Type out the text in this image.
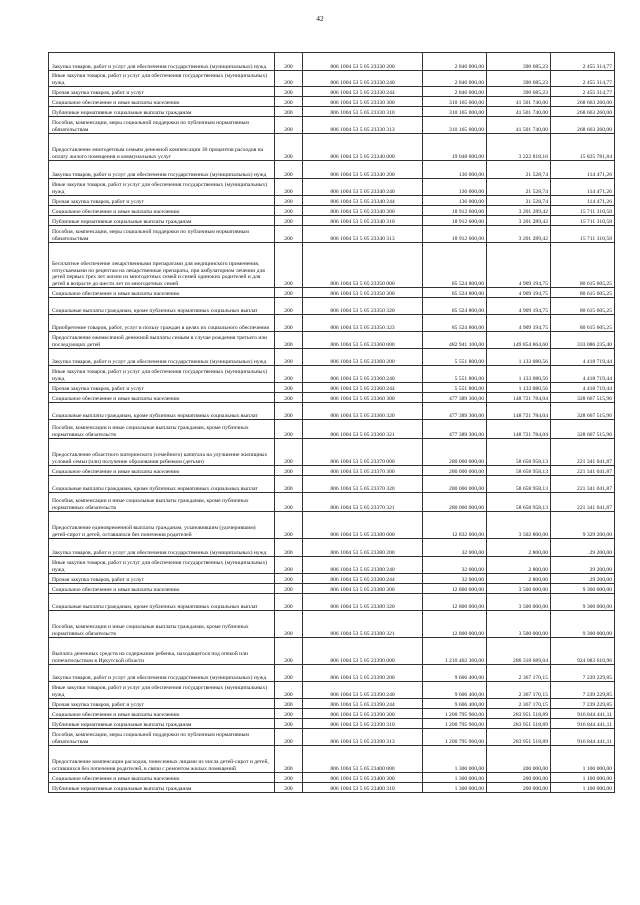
42
Закупка товаров, работ и услуг для обеспечения государственных (муниципальных) нужд	200	806 1004 53 5 05 23330 200	2 846 000,00	390 685,23	2 455 314,77
Иные закупки товаров, работ и услуг для обеспечения государственных (муниципальных) нужд	200	806 1004 53 5 05 23330 240	2 846 000,00	390 685,23	2 455 314,77
Прочая закупка товаров, работ и услуг	200	806 1004 53 5 05 23330 244	2 846 000,00	390 685,23	2 455 314,77
Социальное обеспечение и иные выплаты населению	200	806 1004 53 5 05 23330 300	310 165 000,00	41 501 740,00	268 663 260,00
Публичные нормативные социальные выплаты гражданам	200	806 1004 53 5 05 23330 310	310 165 000,00	41 501 740,00	268 663 260,00
Пособия, компенсации, меры социальной поддержки по публичным нормативным обязательствам	200	806 1004 53 5 05 23330 313	310 165 000,00	41 501 740,00	268 663 260,00
Предоставление многодетным семьям денежной компенсации 30 процентов расходов на оплату жилого помещения и коммунальных услуг	200	806 1004 53 5 05 23340 000	19 048 600,00	3 222 818,16	15 825 781,84
Закупка товаров, работ и услуг для обеспечения государственных (муниципальных) нужд	200	806 1004 53 5 05 23340 200	136 000,00	21 528,74	114 471,26
Иные закупки товаров, работ и услуг для обеспечения государственных (муниципальных) нужд	200	806 1004 53 5 05 23340 240	136 000,00	21 528,74	114 471,26
Прочая закупка товаров, работ и услуг	200	806 1004 53 5 05 23340 244	136 000,00	21 528,74	114 471,26
Социальное обеспечение и иные выплаты населению	200	806 1004 53 5 05 23340 300	18 912 600,00	3 201 289,42	15 711 310,58
Публичные нормативные социальные выплаты гражданам	200	806 1004 53 5 05 23340 310	18 912 600,00	3 201 289,42	15 711 310,58
Пособия, компенсации, меры социальной поддержки по публичным нормативным обязательствам	200	806 1004 53 5 05 23340 313	18 912 600,00	3 201 289,42	15 711 310,58
Бесплатное обеспечение лекарственными препаратами для медицинского применения, отпускаемыми по рецептам на лекарственные препараты, при амбулаторном лечении для детей первых трех лет жизни из многодетных семей и семей одиноких родителей и для детей в возрасте до шести лет из многодетных семей	200	806 1004 53 5 05 23350 000	85 524 800,00	4 909 194,75	80 615 605,25
Социальное обеспечение и иные выплаты населению	200	806 1004 53 5 05 23350 300	85 524 800,00	4 909 194,75	80 615 605,25
Социальные выплаты гражданам, кроме публичных нормативных социальных выплат	200	806 1004 53 5 05 23350 320	85 524 800,00	4 909 194,75	80 615 605,25
Приобретение товаров, работ, услуг в пользу граждан в целях их социального обеспечения	200	806 1004 53 5 05 23350 323	85 524 800,00	4 909 194,75	80 615 605,25
Предоставление ежемесячной денежной выплаты семьям в случае рождения третьего или последующих детей	200	806 1004 53 5 05 23360 000	482 941 100,00	149 854 864,60	333 086 235,40
Закупка товаров, работ и услуг для обеспечения государственных (муниципальных) нужд	200	806 1004 53 5 05 23360 200	5 551 800,00	1 133 080,56	4 418 719,44
Иные закупки товаров, работ и услуг для обеспечения государственных (муниципальных) нужд	200	806 1004 53 5 05 23360 240	5 551 800,00	1 133 080,56	4 418 719,44
Прочая закупка товаров, работ и услуг	200	806 1004 53 5 05 23360 244	5 551 800,00	1 133 080,56	4 418 719,44
Социальное обеспечение и иные выплаты населению	200	806 1004 53 5 05 23360 300	477 389 300,00	148 721 784,04	328 667 515,96
Социальные выплаты гражданам, кроме публичных нормативных социальных выплат	200	806 1004 53 5 05 23360 320	477 389 300,00	148 721 784,04	328 667 515,96
Пособия, компенсации и иные социальные выплаты гражданам, кроме публичных нормативных обязательств	200	806 1004 53 5 05 23360 321	477 389 300,00	148 721 784,04	328 667 515,96
Предоставление областного материнского (семейного) капитала на улучшение жилищных условий семьи (или) получение образования ребенком (детьми)	200	806 1004 53 5 05 23370 000	280 000 000,00	58 658 958,13	221 341 041,87
Социальное обеспечение и иные выплаты населению	200	806 1004 53 5 05 23370 300	280 000 000,00	58 658 958,13	221 341 041,87
Социальные выплаты гражданам, кроме публичных нормативных социальных выплат	200	806 1004 53 5 05 23370 320	280 000 000,00	58 658 958,13	221 341 041,87
Пособия, компенсации и иные социальные выплаты гражданам, кроме публичных нормативных обязательств	200	806 1004 53 5 05 23370 321	280 000 000,00	58 658 958,13	221 341 041,87
Предоставление единовременной выплаты гражданам, усыновившим (удочерившим) детей-сирот и детей, оставшихся без попечения родителей	200	806 1004 53 5 05 23380 000	12 832 000,00	3 502 800,00	9 329 200,00
Закупка товаров, работ и услуг для обеспечения государственных (муниципальных) нужд	200	806 1004 53 5 05 23380 200	32 000,00	2 800,00	29 200,00
Иные закупки товаров, работ и услуг для обеспечения государственных (муниципальных) нужд	200	806 1004 53 5 05 23380 240	32 000,00	2 800,00	29 200,00
Прочая закупка товаров, работ и услуг	200	806 1004 53 5 05 23380 244	32 000,00	2 800,00	29 200,00
Социальное обеспечение и иные выплаты населению	200	806 1004 53 5 05 23380 300	12 800 000,00	3 500 000,00	9 300 000,00
Социальные выплаты гражданам, кроме публичных нормативных социальных выплат	200	806 1004 53 5 05 23380 320	12 800 000,00	3 500 000,00	9 300 000,00
Пособия, компенсации и иные социальные выплаты гражданам, кроме публичных нормативных обязательств	200	806 1004 53 5 05 23380 321	12 800 000,00	3 500 000,00	9 300 000,00
Выплата денежных средств на содержание ребенка, находящегося под опекой или попечительством в Иркутской области	200	806 1004 53 5 05 23390 000	1 210 402 360,00	286 318 689,04	924 083 610,96
Закупка товаров, работ и услуг для обеспечения государственных (муниципальных) нужд	200	806 1004 53 5 05 23390 200	9 606 400,00	2 367 170,15	7 239 229,85
Иные закупки товаров, работ и услуг для обеспечения государственных (муниципальных) нужд	200	806 1004 53 5 05 23390 240	9 606 400,00	2 367 170,15	7 239 229,85
Прочая закупка товаров, работ и услуг	200	806 1004 53 5 05 23390 244	9 606 400,00	2 367 170,15	7 239 229,85
Социальное обеспечение и иные выплаты населению	200	806 1004 53 5 05 23390 300	1 200 795 960,00	283 951 518,89	916 844 441,11
Публичные нормативные социальные выплаты гражданам	200	806 1004 53 5 05 23390 310	1 200 795 960,00	283 951 518,89	916 844 441,11
Пособия, компенсации, меры социальной поддержки по публичным нормативным обязательствам	200	806 1004 53 5 05 23390 313	1 200 795 960,00	283 951 518,89	916 844 441,11
Предоставление компенсации расходов, понесенных лицами из числа детей-сирот и детей, оставшихся без попечения родителей, в связи с ремонтом жилых помещений	200	806 1004 53 5 05 23400 000	1 300 000,00	200 000,00	1 100 000,00
Социальное обеспечение и иные выплаты населению	200	806 1004 53 5 05 23400 300	1 300 000,00	200 000,00	1 100 000,00
Публичные нормативные социальные выплаты гражданам	200	806 1004 53 5 05 23400 310	1 300 000,00	200 000,00	1 100 000,00
